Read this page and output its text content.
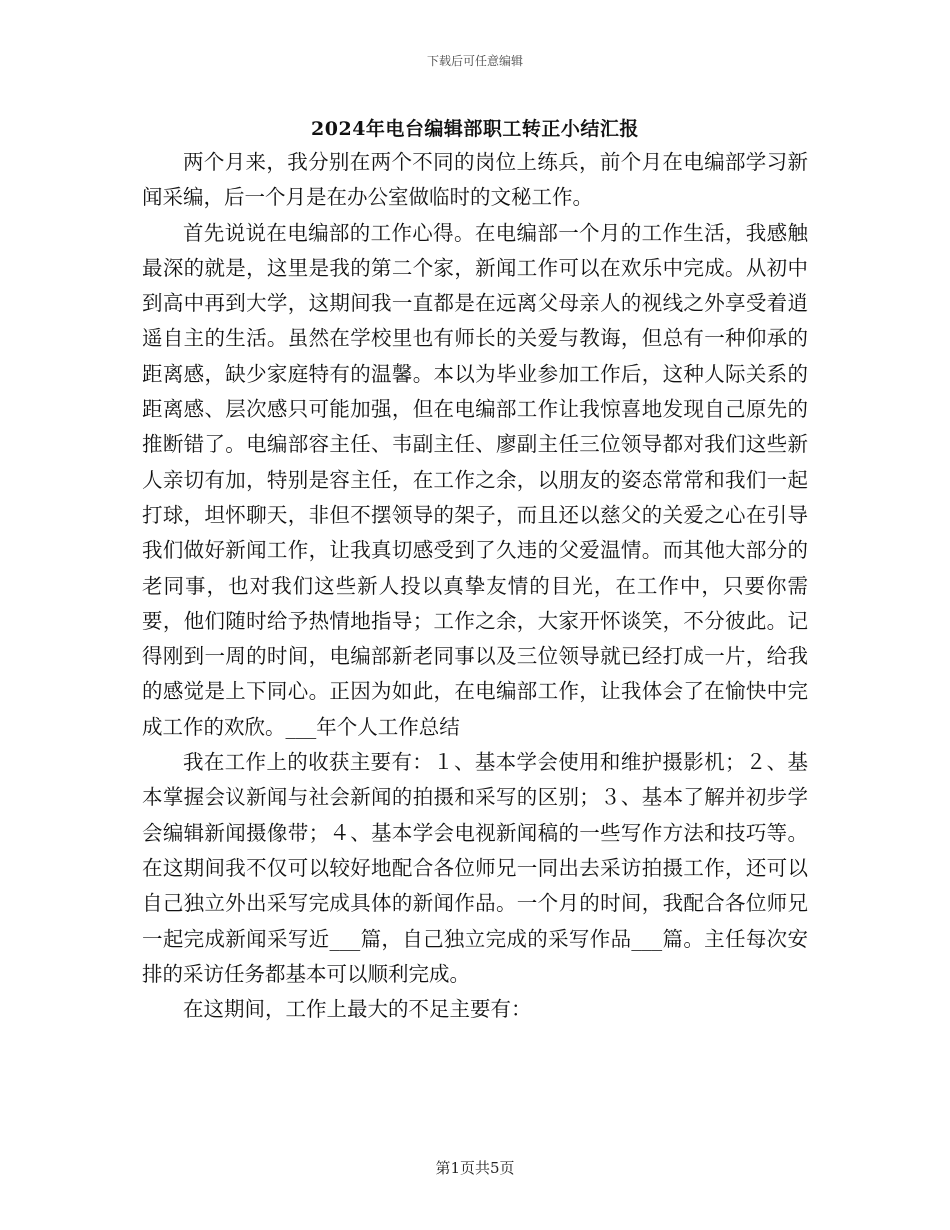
下载后可任意编辑
2024年电台编辑部职工转正小结汇报

两个月来，我分别在两个不同的岗位上练兵，前个月在电编部学习新闻采编，后一个月是在办公室做临时的文秘工作。

首先说说在电编部的工作心得。在电编部一个月的工作生活，我感触最深的就是，这里是我的第二个家，新闻工作可以在欢乐中完成。从初中到高中再到大学，这期间我一直都是在远离父母亲人的视线之外享受着逍遥自主的生活。虽然在学校里也有师长的关爱与教诲，但总有一种仰承的距离感，缺少家庭特有的温馨。本以为毕业参加工作后，这种人际关系的距离感、层次感只可能加强，但在电编部工作让我惊喜地发现自己原先的推断错了。电编部容主任、韦副主任、廖副主任三位领导都对我们这些新人亲切有加，特别是容主任，在工作之余，以朋友的姿态常常和我们一起打球，坦怀聊天，非但不摆领导的架子，而且还以慈父的关爱之心在引导我们做好新闻工作，让我真切感受到了久违的父爱温情。而其他大部分的老同事，也对我们这些新人投以真挚友情的目光，在工作中，只要你需要，他们随时给予热情地指导；工作之余，大家开怀谈笑，不分彼此。记得刚到一周的时间，电编部新老同事以及三位领导就已经打成一片，给我的感觉是上下同心。正因为如此，在电编部工作，让我体会了在愉快中完成工作的欢欣。___年个人工作总结

我在工作上的收获主要有：１、基本学会使用和维护摄影机；２、基本掌握会议新闻与社会新闻的拍摄和采写的区别；３、基本了解并初步学会编辑新闻摄像带；４、基本学会电视新闻稿的一些写作方法和技巧等。在这期间我不仅可以较好地配合各位师兄一同出去采访拍摄工作，还可以自己独立外出采写完成具体的新闻作品。一个月的时间，我配合各位师兄一起完成新闻采写近___篇，自己独立完成的采写作品___篇。主任每次安排的采访任务都基本可以顺利完成。

在这期间，工作上最大的不足主要有：

第1页共5页
